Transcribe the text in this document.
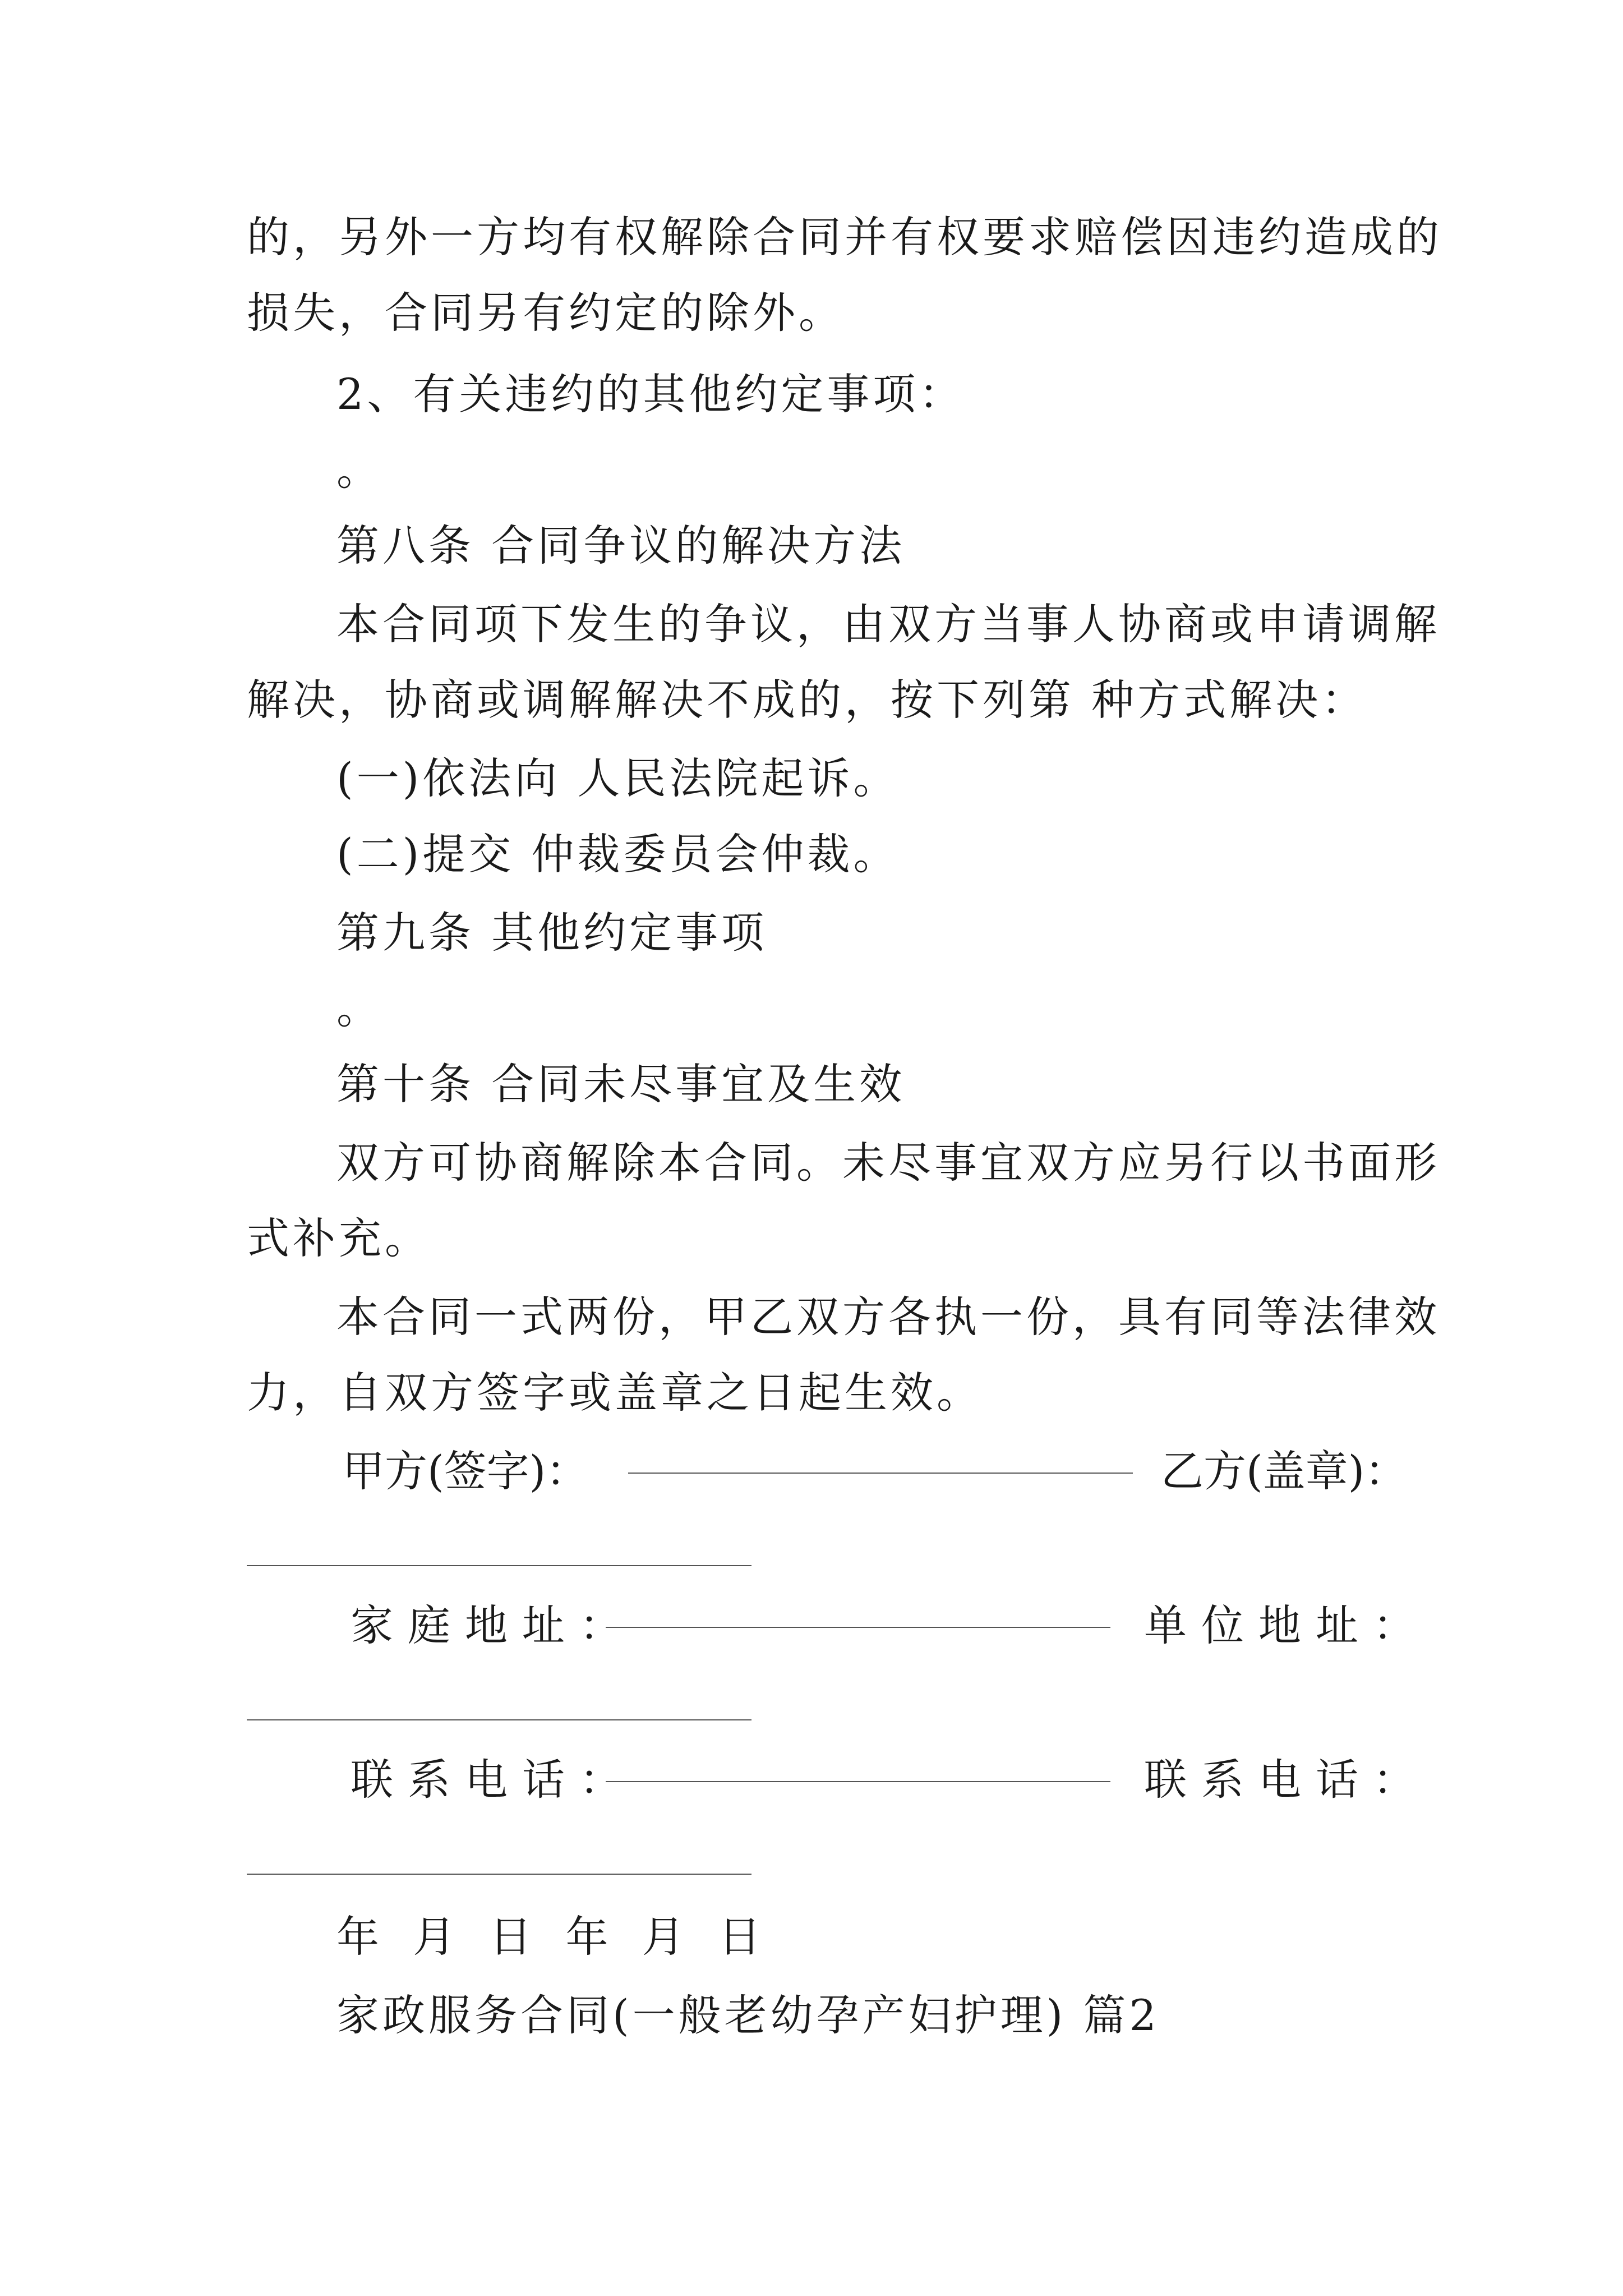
的，另外一方均有权解除合同并有权要求赔偿因违约造成的
损失，合同另有约定的除外。
2、有关违约的其他约定事项：
。
第八条 合同争议的解决方法
本合同项下发生的争议，由双方当事人协商或申请调解
解决，协商或调解解决不成的，按下列第 种方式解决：
(一)依法向 人民法院起诉。
(二)提交 仲裁委员会仲裁。
第九条 其他约定事项
。
第十条 合同未尽事宜及生效
双方可协商解除本合同。未尽事宜双方应另行以书面形
式补充。
本合同一式两份，甲乙双方各执一份，具有同等法律效
力，自双方签字或盖章之日起生效。
甲方(签字)：	乙方(盖章)：
家庭地址：	单位地址：
联系电话：	联系电话：
年 月 日 年 月 日
家政服务合同(一般老幼孕产妇护理) 篇2
